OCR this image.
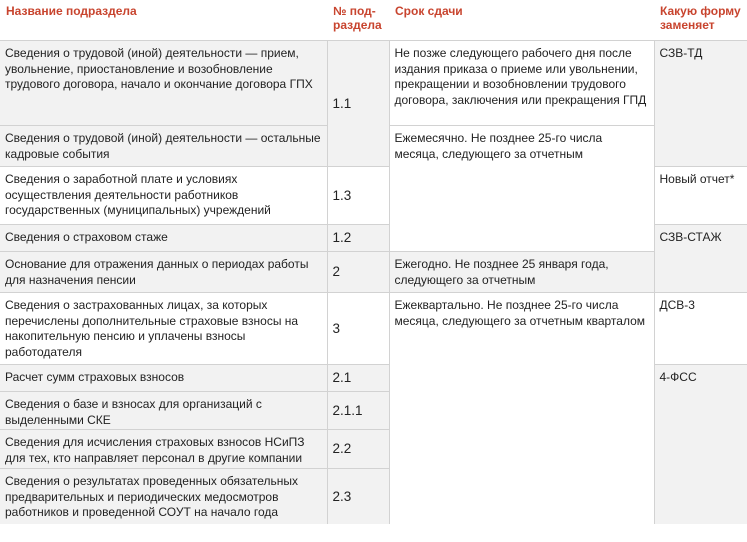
Название подраздела	№ под-раздела	Срок сдачи	Какую форму заменяет
Сведения о трудовой (иной) деятельности — прием, увольнение, приостановление и возобновление трудового договора, начало и окончание договора ГПХ	1.1	Не позже следующего рабочего дня после издания приказа о приеме или увольнении, прекращении и возобновлении трудового договора, заключения или прекращения ГПД	СЗВ-ТД
Сведения о трудовой (иной) деятельности — остальные кадровые события		Ежемесячно. Не позднее 25-го числа месяца, следующего за отчетным	
Сведения о заработной плате и условиях осуществления деятельности работников государственных (муниципальных) учреждений	1.3		Новый отчет*
Сведения о страховом стаже	1.2		СЗВ-СТАЖ
Основание для отражения данных о периодах работы для назначения пенсии	2	Ежегодно. Не позднее 25 января года, следующего за отчетным	
Сведения о застрахованных лицах, за которых перечислены дополнительные страховые взносы на накопительную пенсию и уплачены взносы работодателя	3	Ежеквартально. Не позднее 25-го числа месяца, следующего за отчетным кварталом	ДСВ-3
Расчет сумм страховых взносов	2.1		4-ФСС
Сведения о базе и взносах для организаций с выделенными СКЕ	2.1.1		
Сведения для исчисления страховых взносов НСиПЗ для тех, кто направляет персонал в другие компании	2.2		
Сведения о результатах проведенных обязательных предварительных и периодических медосмотров работников и проведенной СОУТ на начало года	2.3		
